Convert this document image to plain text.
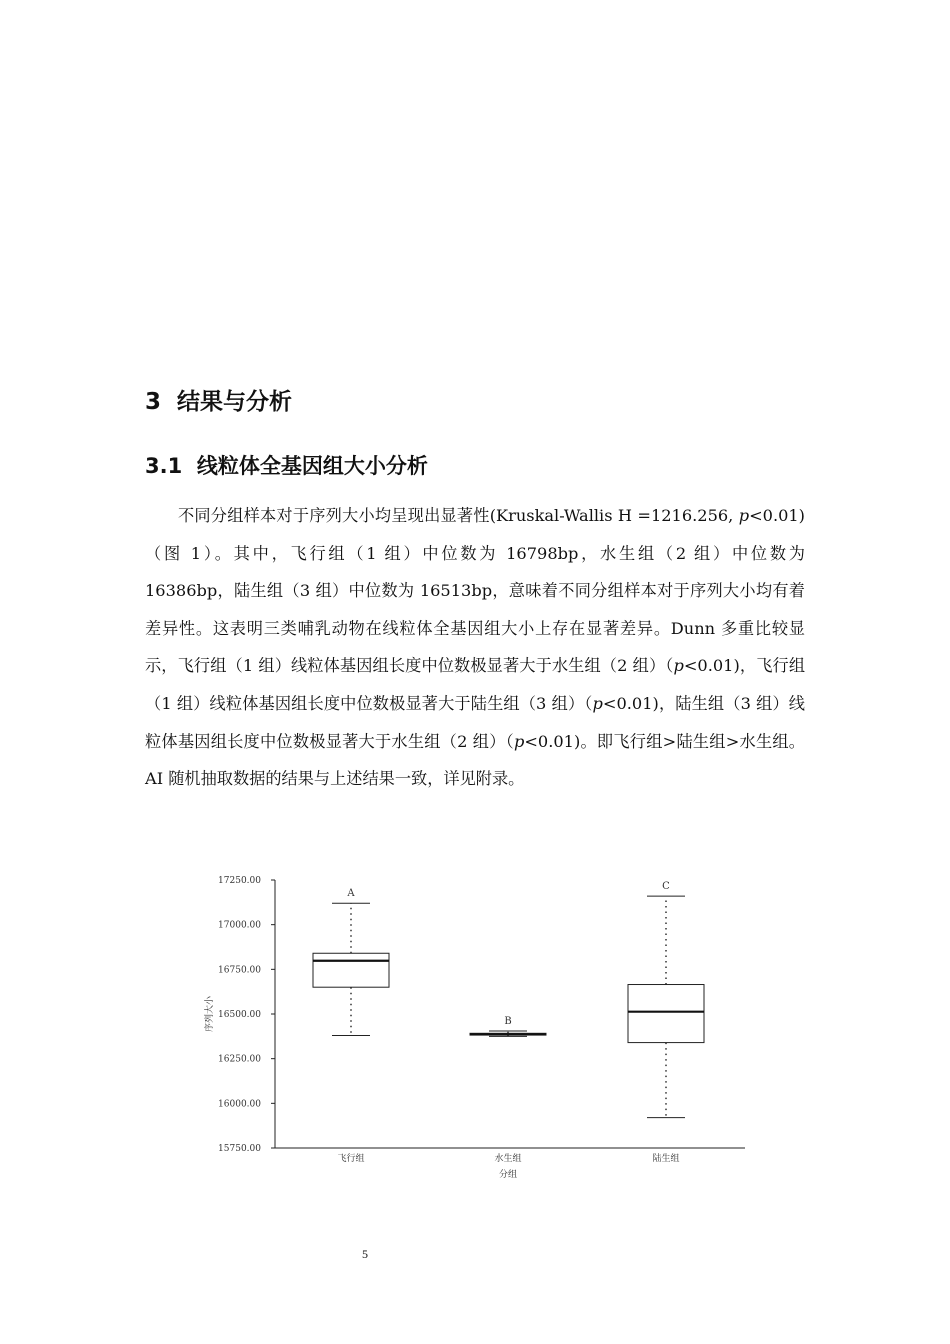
3 结果与分析
3.1 线粒体全基因组大小分析

不同分组样本对于序列大小均呈现出显著性(Kruskal-Wallis H =1216.256, p<0.01)（图 1）。其中，飞行组（1 组）中位数为 16798bp，水生组（2 组）中位数为 16386bp，陆生组（3 组）中位数为 16513bp，意味着不同分组样本对于序列大小均有着差异性。这表明三类哺乳动物在线粒体全基因组大小上存在显著差异。Dunn 多重比较显示，飞行组（1 组）线粒体基因组长度中位数极显著大于水生组（2 组）（p<0.01)，飞行组（1 组）线粒体基因组长度中位数极显著大于陆生组（3 组）（p<0.01)，陆生组（3 组）线粒体基因组长度中位数极显著大于水生组（2 组）（p<0.01)。即飞行组>陆生组>水生组。AI 随机抽取数据的结果与上述结果一致，详见附录。

15750.00
16000.00
16250.00
16500.00
16750.00
17000.00
17250.00
序列大小
A
飞行组
B
水生组
C
陆生组
分组
5
